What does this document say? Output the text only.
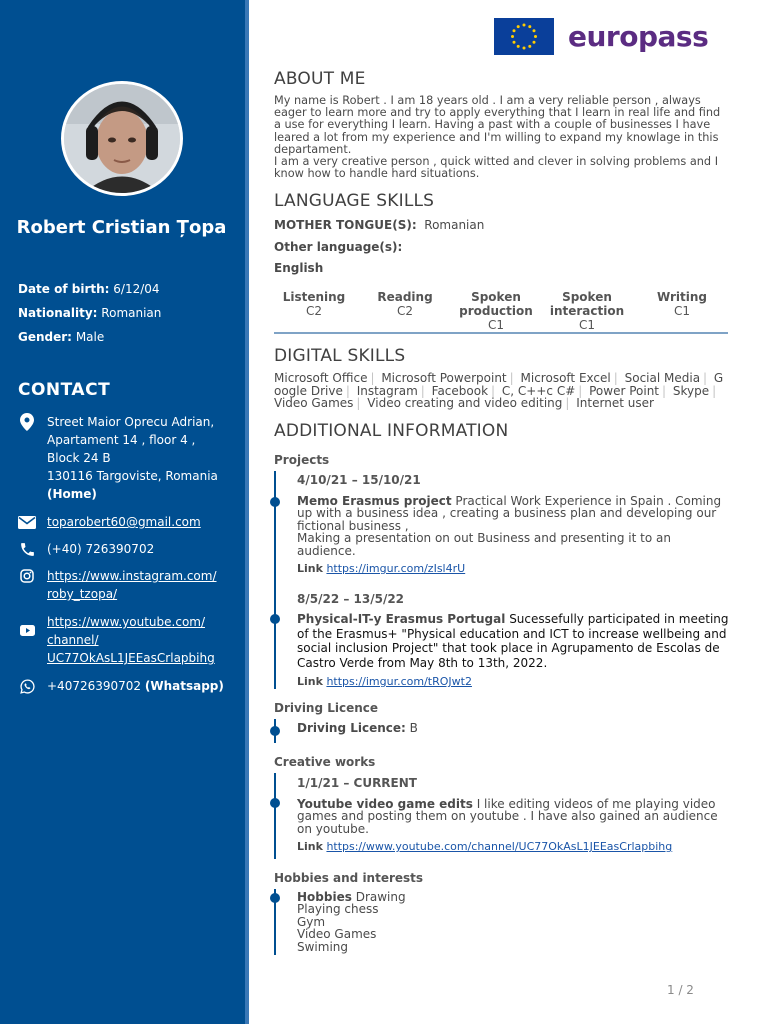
Robert Cristian Țopa
Date of birth: 6/12/04
Nationality: Romanian
Gender: Male
CONTACT
Street Maior Oprecu Adrian,
Apartament 14 , floor 4 ,
Block 24 B
130116 Targoviste, Romania
(Home)
toparobert60@gmail.com
(+40) 726390702
https://www.instagram.com/
roby_tzopa/
https://www.youtube.com/
channel/
UC77OkAsL1JEEasCrlapbihg
+40726390702 (Whatsapp)
europass
ABOUT ME
My name is Robert . I am 18 years old . I am a very reliable person , always eager to learn more and try to apply everything that I learn in real life and find a use for everything I learn. Having a past with a couple of businesses I have leared a lot from my experience and I'm willing to expand my knowlage in this departament.
I am a very creative person , quick witted and clever in solving problems and I know how to handle hard situations.
LANGUAGE SKILLS
MOTHER TONGUE(S): Romanian
Other language(s):
English
Listening
C2
Reading
C2
Spoken production
C1
Spoken interaction
C1
Writing
C1
DIGITAL SKILLS
Microsoft Office | Microsoft Powerpoint | Microsoft Excel | Social Media | Google Drive | Instagram | Facebook | C, C++c C# | Power Point | Skype | Video Games | Video creating and video editing | Internet user
ADDITIONAL INFORMATION
Projects
4/10/21 – 15/10/21
Memo Erasmus project Practical Work Experience in Spain . Coming up with a business idea , creating a business plan and developing our fictional business ,
Making a presentation on out Business and presenting it to an audience.
Link https://imgur.com/zIsl4rU
8/5/22 – 13/5/22
Physical-IT-y Erasmus Portugal Sucessefully participated in meeting of the Erasmus+ "Physical education and ICT to increase wellbeing and social inclusion Project" that took place in Agrupamento de Escolas de Castro Verde from May 8th to 13th, 2022.
Link https://imgur.com/tROJwt2
Driving Licence
Driving Licence: B
Creative works
1/1/21 – CURRENT
Youtube video game edits I like editing videos of me playing video games and posting them on youtube . I have also gained an audience on youtube.
Link https://www.youtube.com/channel/UC77OkAsL1JEEasCrlapbihg
Hobbies and interests
Hobbies Drawing
Playing chess
Gym
Video Games
Swiming
1 / 2
